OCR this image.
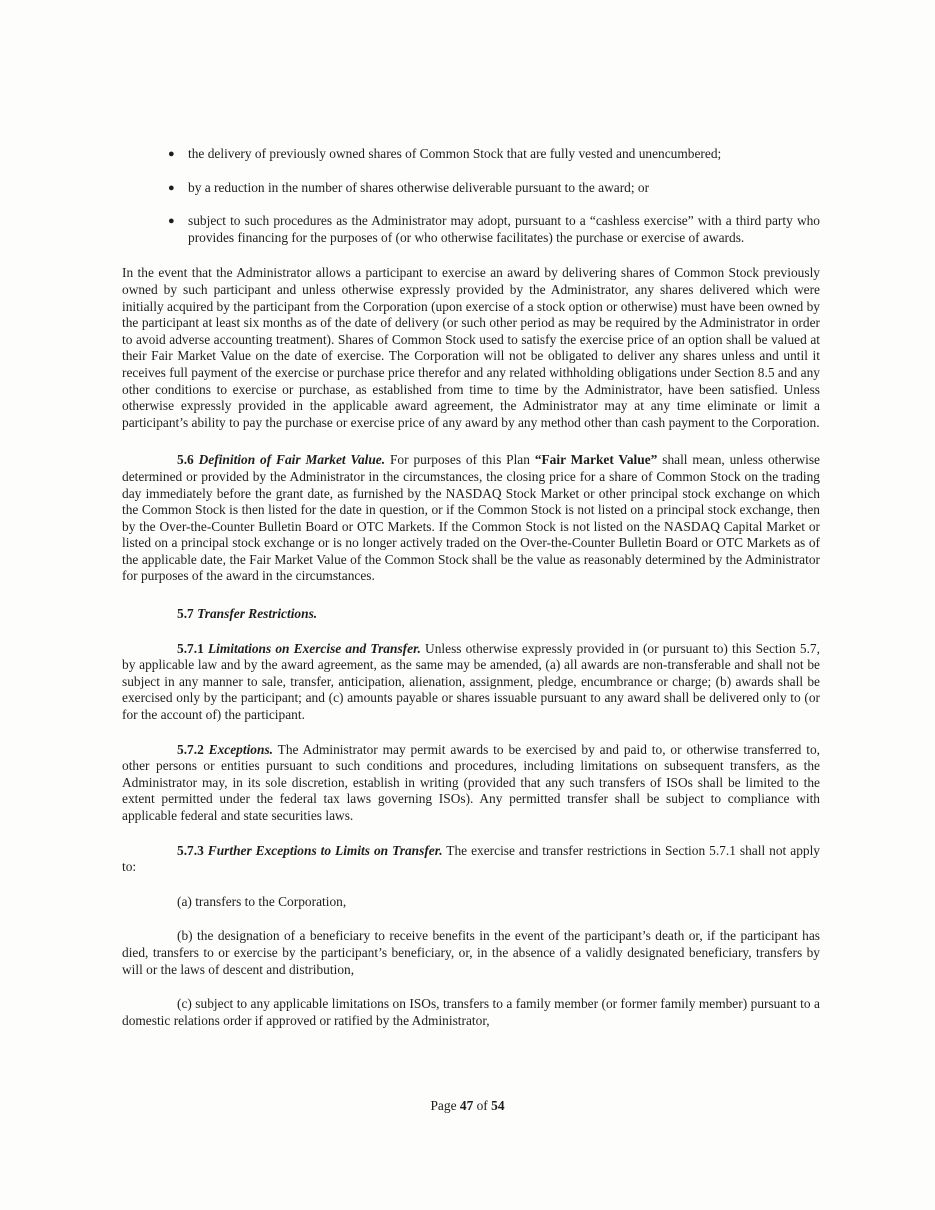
● the delivery of previously owned shares of Common Stock that are fully vested and unencumbered;
● by a reduction in the number of shares otherwise deliverable pursuant to the award; or
● subject to such procedures as the Administrator may adopt, pursuant to a “cashless exercise” with a third party who provides financing for the purposes of (or who otherwise facilitates) the purchase or exercise of awards.

In the event that the Administrator allows a participant to exercise an award by delivering shares of Common Stock previously owned by such participant and unless otherwise expressly provided by the Administrator, any shares delivered which were initially acquired by the participant from the Corporation (upon exercise of a stock option or otherwise) must have been owned by the participant at least six months as of the date of delivery (or such other period as may be required by the Administrator in order to avoid adverse accounting treatment). Shares of Common Stock used to satisfy the exercise price of an option shall be valued at their Fair Market Value on the date of exercise. The Corporation will not be obligated to deliver any shares unless and until it receives full payment of the exercise or purchase price therefor and any related withholding obligations under Section 8.5 and any other conditions to exercise or purchase, as established from time to time by the Administrator, have been satisfied. Unless otherwise expressly provided in the applicable award agreement, the Administrator may at any time eliminate or limit a participant’s ability to pay the purchase or exercise price of any award by any method other than cash payment to the Corporation.

5.6 Definition of Fair Market Value. For purposes of this Plan “Fair Market Value” shall mean, unless otherwise determined or provided by the Administrator in the circumstances, the closing price for a share of Common Stock on the trading day immediately before the grant date, as furnished by the NASDAQ Stock Market or other principal stock exchange on which the Common Stock is then listed for the date in question, or if the Common Stock is not listed on a principal stock exchange, then by the Over-the-Counter Bulletin Board or OTC Markets. If the Common Stock is not listed on the NASDAQ Capital Market or listed on a principal stock exchange or is no longer actively traded on the Over-the-Counter Bulletin Board or OTC Markets as of the applicable date, the Fair Market Value of the Common Stock shall be the value as reasonably determined by the Administrator for purposes of the award in the circumstances.

5.7 Transfer Restrictions.

5.7.1 Limitations on Exercise and Transfer. Unless otherwise expressly provided in (or pursuant to) this Section 5.7, by applicable law and by the award agreement, as the same may be amended, (a) all awards are non-transferable and shall not be subject in any manner to sale, transfer, anticipation, alienation, assignment, pledge, encumbrance or charge; (b) awards shall be exercised only by the participant; and (c) amounts payable or shares issuable pursuant to any award shall be delivered only to (or for the account of) the participant.

5.7.2 Exceptions. The Administrator may permit awards to be exercised by and paid to, or otherwise transferred to, other persons or entities pursuant to such conditions and procedures, including limitations on subsequent transfers, as the Administrator may, in its sole discretion, establish in writing (provided that any such transfers of ISOs shall be limited to the extent permitted under the federal tax laws governing ISOs). Any permitted transfer shall be subject to compliance with applicable federal and state securities laws.

5.7.3 Further Exceptions to Limits on Transfer. The exercise and transfer restrictions in Section 5.7.1 shall not apply to:

(a) transfers to the Corporation,

(b) the designation of a beneficiary to receive benefits in the event of the participant’s death or, if the participant has died, transfers to or exercise by the participant’s beneficiary, or, in the absence of a validly designated beneficiary, transfers by will or the laws of descent and distribution,

(c) subject to any applicable limitations on ISOs, transfers to a family member (or former family member) pursuant to a domestic relations order if approved or ratified by the Administrator,

Page 47 of 54
